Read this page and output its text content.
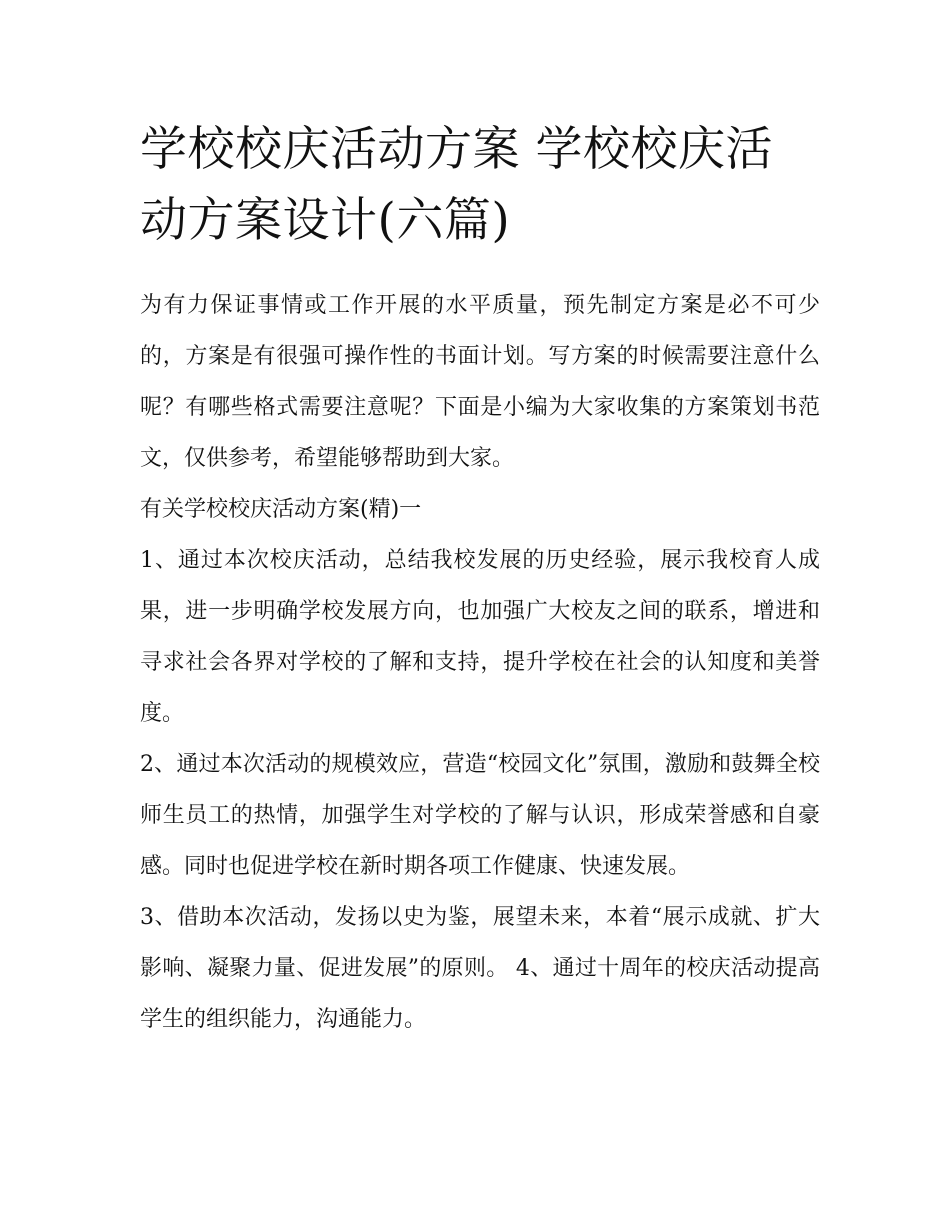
学校校庆活动方案 学校校庆活动方案设计(六篇)

为有力保证事情或工作开展的水平质量，预先制定方案是必不可少的，方案是有很强可操作性的书面计划。写方案的时候需要注意什么呢？有哪些格式需要注意呢？下面是小编为大家收集的方案策划书范文，仅供参考，希望能够帮助到大家。

有关学校校庆活动方案(精)一

1、通过本次校庆活动，总结我校发展的历史经验，展示我校育人成果，进一步明确学校发展方向，也加强广大校友之间的联系，增进和寻求社会各界对学校的了解和支持，提升学校在社会的认知度和美誉度。

2、通过本次活动的规模效应，营造“校园文化”氛围，激励和鼓舞全校师生员工的热情，加强学生对学校的了解与认识，形成荣誉感和自豪感。同时也促进学校在新时期各项工作健康、快速发展。

3、借助本次活动，发扬以史为鉴，展望未来，本着“展示成就、扩大影响、凝聚力量、促进发展”的原则。 4、通过十周年的校庆活动提高学生的组织能力，沟通能力。
